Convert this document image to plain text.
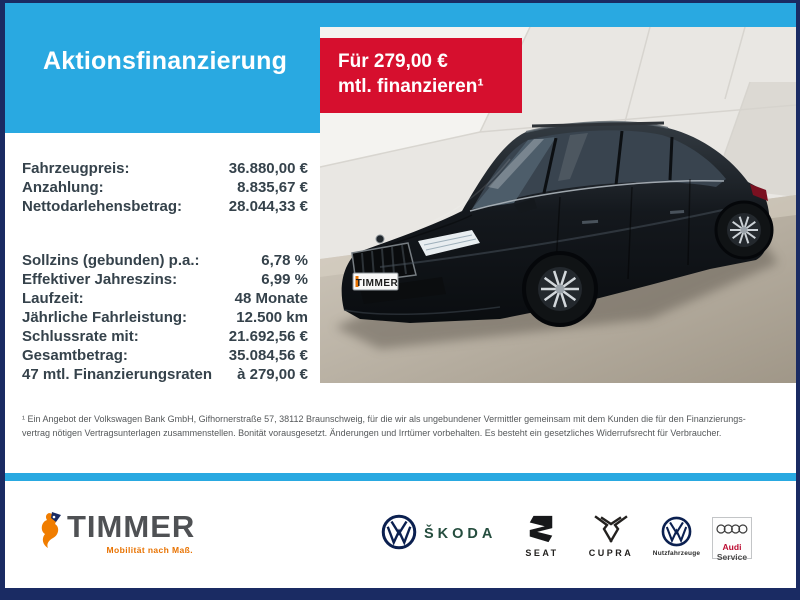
Aktionsfinanzierung
TIMMER
Für 279,00 €
mtl. finanzieren¹
Fahrzeugpreis:	36.880,00 €
Anzahlung:	8.835,67 €
Nettodarlehensbetrag:	28.044,33 €
Sollzins (gebunden) p.a.:	6,78 %
Effektiver Jahreszins:	6,99 %
Laufzeit:	48 Monate
Jährliche Fahrleistung:	12.500 km
Schlussrate mit:	21.692,56 €
Gesamtbetrag:	35.084,56 €
47 mtl. Finanzierungsraten à 279,00 €
¹ Ein Angebot der Volkswagen Bank GmbH, Gifhornerstraße 57, 38112 Braunschweig, für die wir als ungebundener Vermittler gemeinsam mit dem Kunden die für den Finanzierungs-
vertrag nötigen Vertragsunterlagen zusammenstellen. Bonität vorausgesetzt. Änderungen und Irrtümer vorbehalten. Es besteht ein gesetzliches Widerrufsrecht für Verbraucher.
TIMMER
Mobilität nach Maß.
ŠKODA
SEAT	CUPRA	Nutzfahrzeuge
Audi
Service
